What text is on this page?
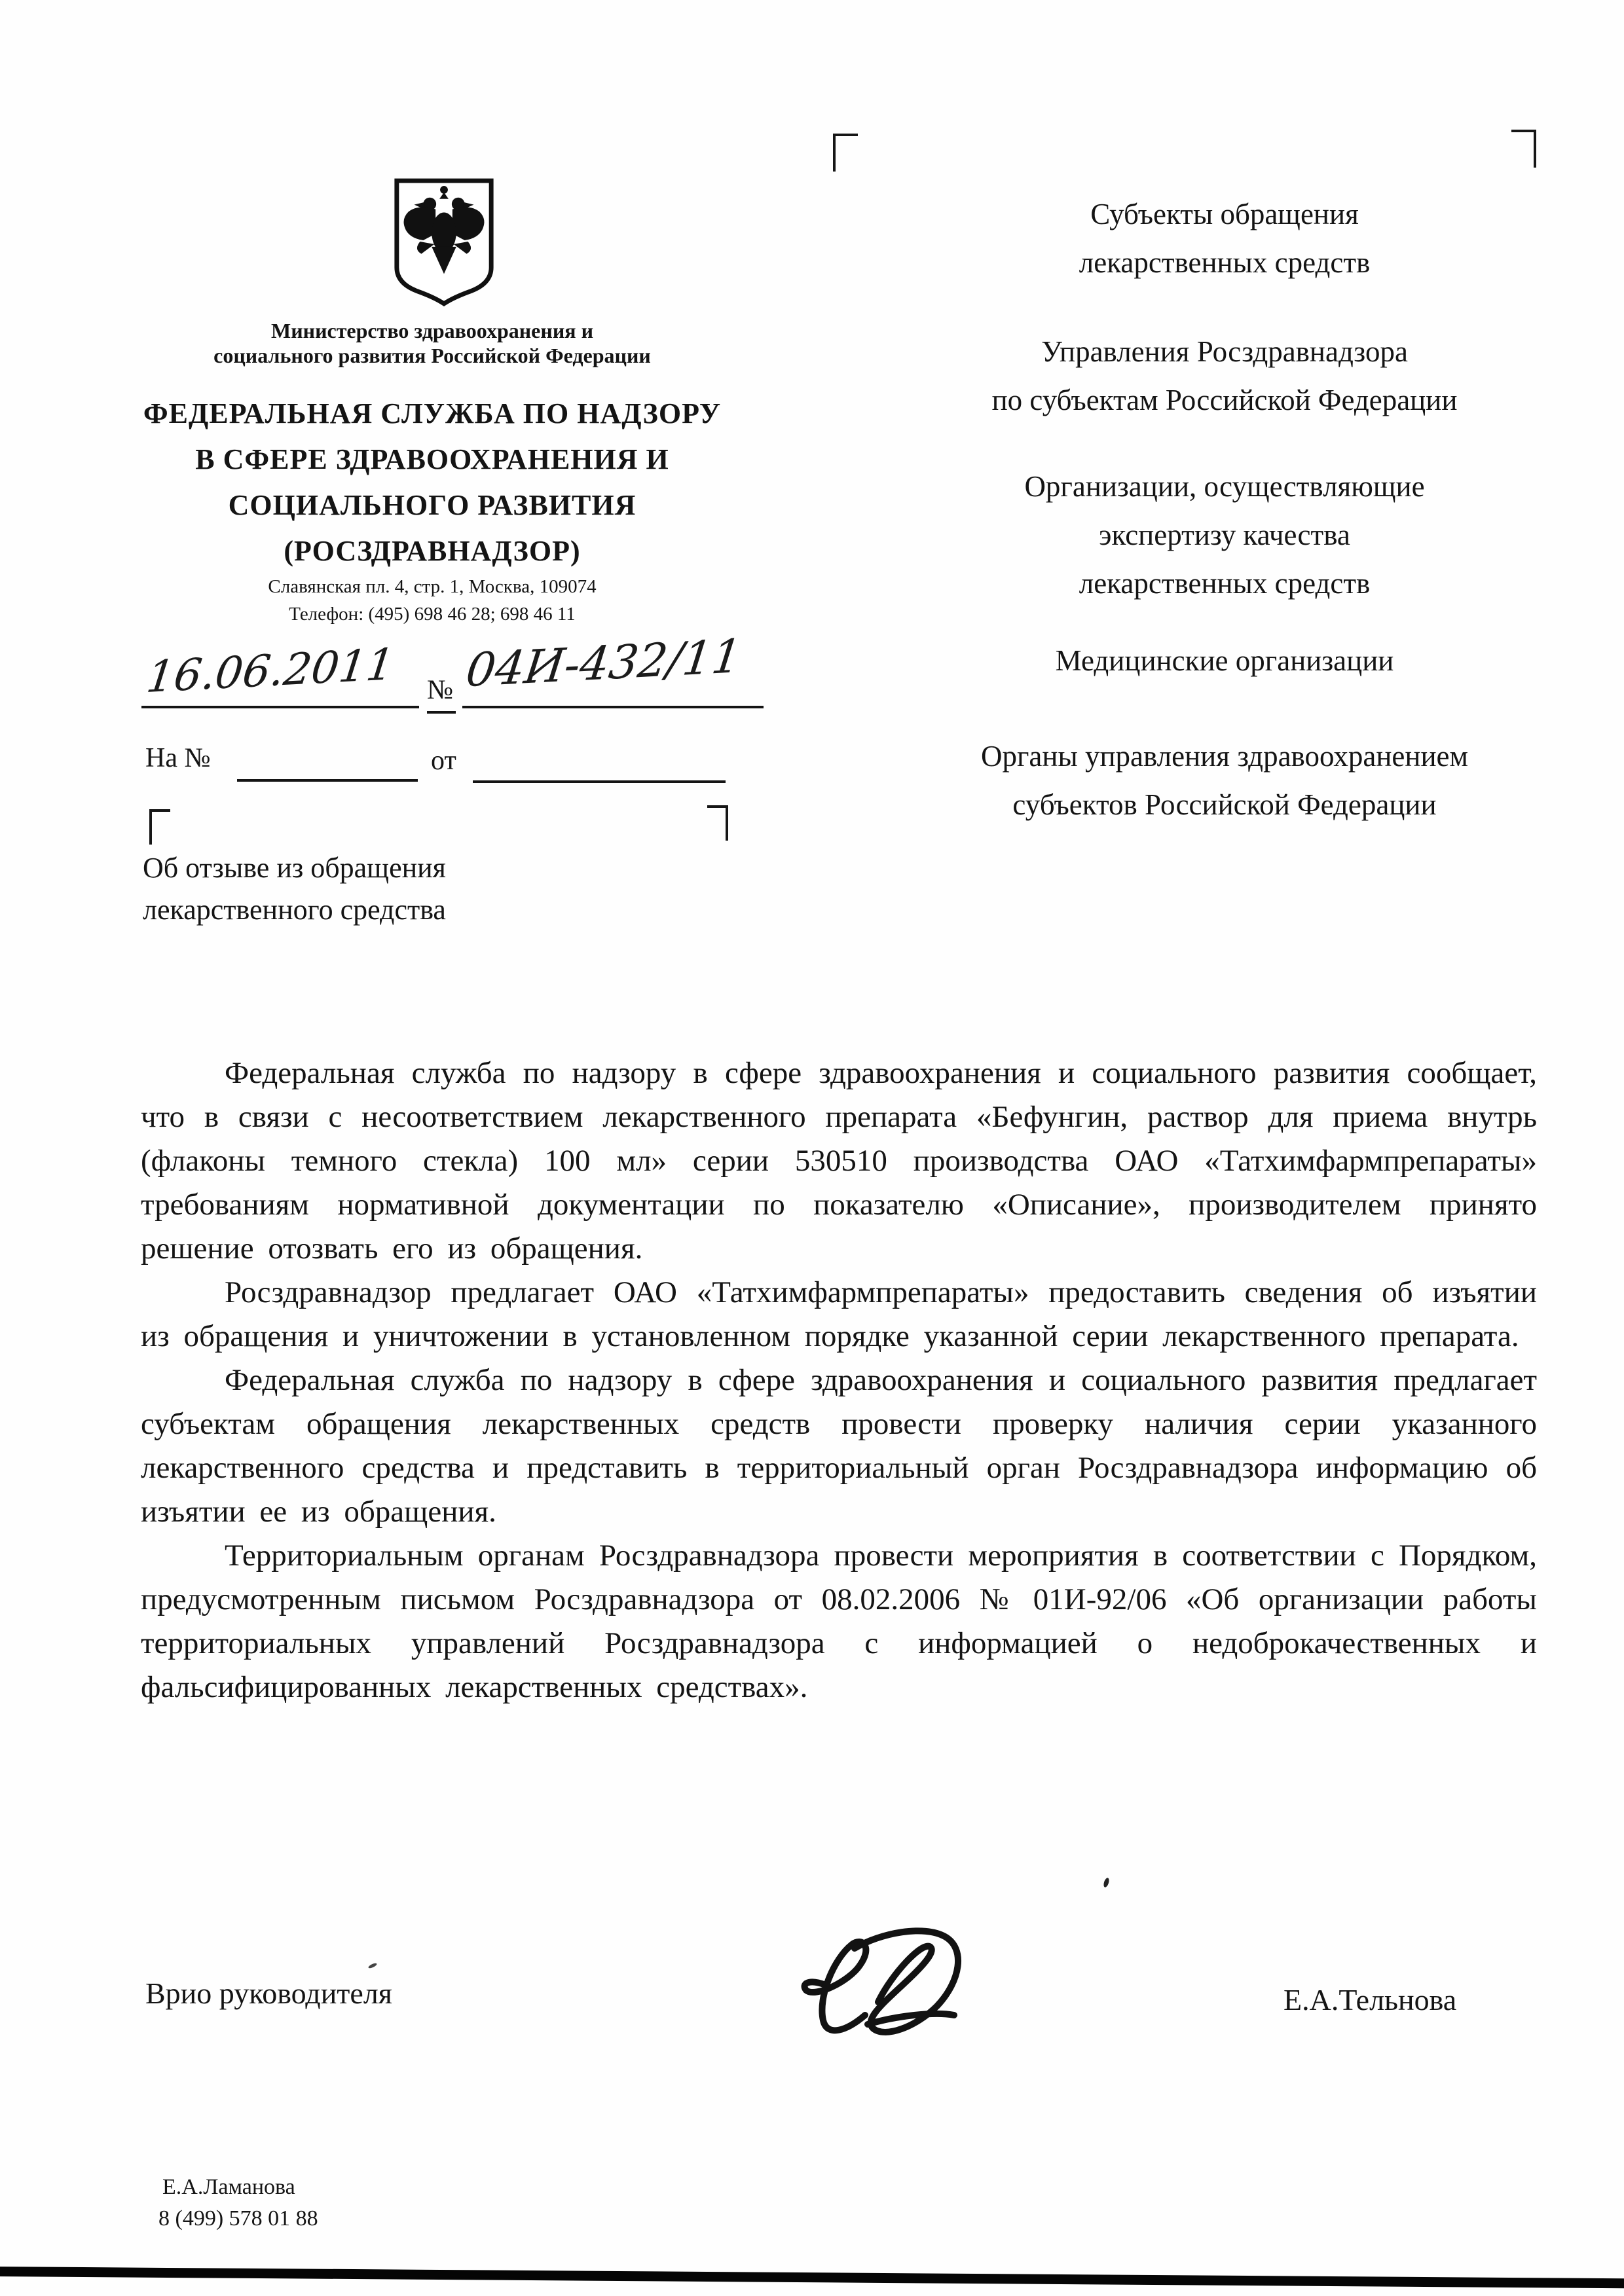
Министерство здравоохранения и
социального развития Российской Федерации
ФЕДЕРАЛЬНАЯ СЛУЖБА ПО НАДЗОРУ
В СФЕРЕ ЗДРАВООХРАНЕНИЯ И
СОЦИАЛЬНОГО РАЗВИТИЯ
(РОСЗДРАВНАДЗОР)
Славянская пл. 4, стр. 1, Москва, 109074
Телефон: (495) 698 46 28; 698 46 11
Субъекты обращения
лекарственных средств
Управления Росздравнадзора
по субъектам Российской Федерации
Организации, осуществляющие
экспертизу качества
лекарственных средств
Медицинские организации
Органы управления здравоохранением
субъектов Российской Федерации
16.06.2011 № 04И-432/11
На №	от
Об отзыве из обращения
лекарственного средства

Федеральная служба по надзору в сфере здравоохранения и социального развития сообщает, что в связи с несоответствием лекарственного препарата «Бефунгин, раствор для приема внутрь (флаконы темного стекла) 100 мл» серии 530510 производства ОАО «Татхимфармпрепараты» требованиям нормативной документации по показателю «Описание», производителем принято решение отозвать его из обращения.

Росздравнадзор предлагает ОАО «Татхимфармпрепараты» предоставить сведения об изъятии из обращения и уничтожении в установленном порядке указанной серии лекарственного препарата.

Федеральная служба по надзору в сфере здравоохранения и социального развития предлагает субъектам обращения лекарственных средств провести проверку наличия серии указанного лекарственного средства и представить в территориальный орган Росздравнадзора информацию об изъятии ее из обращения.

Территориальным органам Росздравнадзора провести мероприятия в соответствии с Порядком, предусмотренным письмом Росздравнадзора от 08.02.2006 № 01И-92/06 «Об организации работы территориальных управлений Росздравнадзора с информацией о недоброкачественных и фальсифицированных лекарственных средствах».

Врио руководителя	Е.А.Тельнова
Е.А.Ламанова
8 (499) 578 01 88
